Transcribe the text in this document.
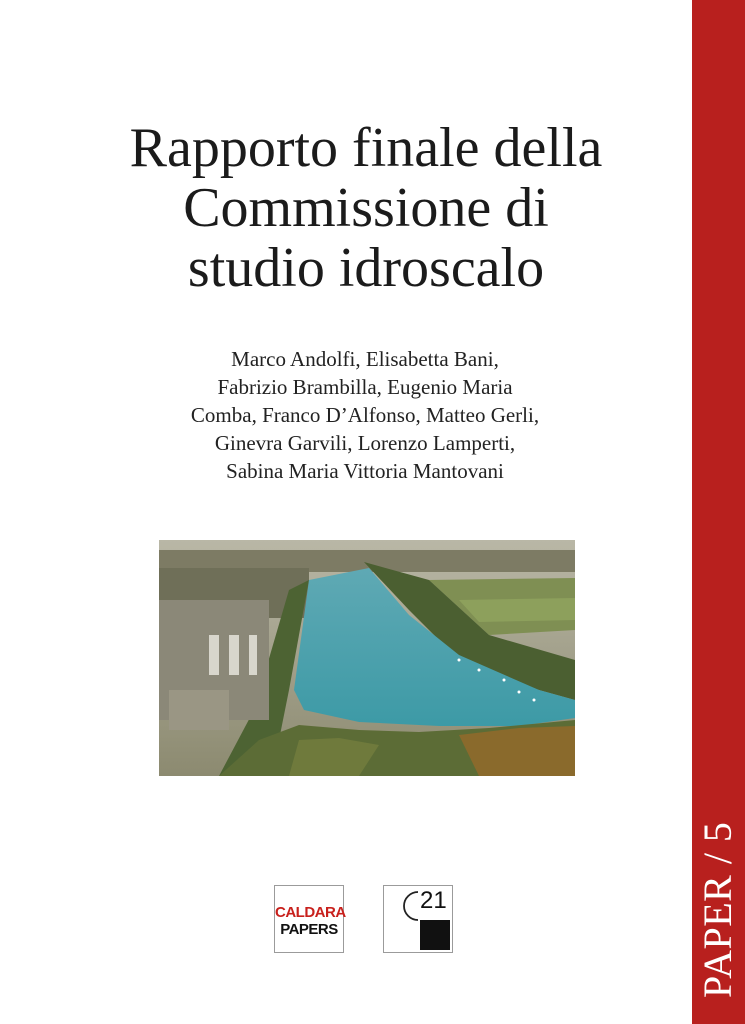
PAPER / 5
Rapporto finale della
Commissione di
studio idroscalo
Marco Andolfi, Elisabetta Bani,
Fabrizio Brambilla, Eugenio Maria
Comba, Franco D’Alfonso, Matteo Gerli,
Ginevra Garvili, Lorenzo Lamperti,
Sabina Maria Vittoria Mantovani
CALDARA
PAPERS
21
